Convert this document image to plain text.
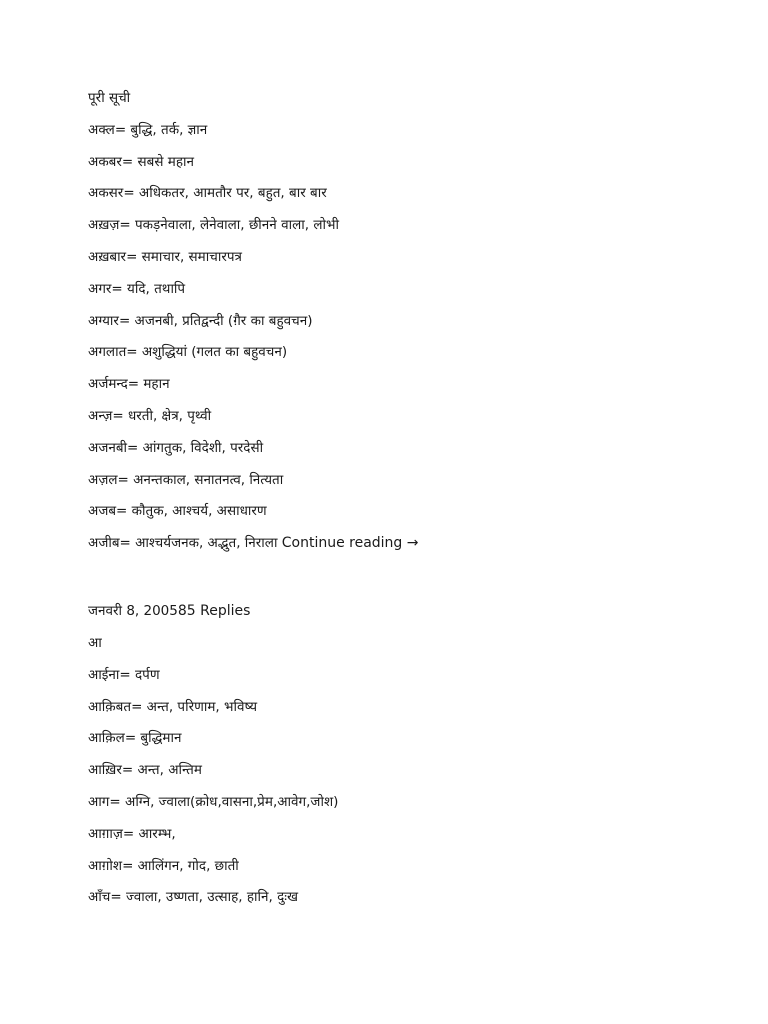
पूरी सूची
अक्ल= बुद्धि, तर्क, ज्ञान
अकबर= सबसे महान
अकसर= अधिकतर, आमतौर पर, बहुत, बार बार
अख़ज़= पकड़नेवाला, लेनेवाला, छीनने वाला, लोभी
अख़बार= समाचार, समाचारपत्र
अगर= यदि, तथापि
अग्यार= अजनबी, प्रतिद्वन्दी (ग़ैर का बहुवचन)
अगलात= अशुद्धियां (गलत का बहुवचन)
अर्जमन्द= महान
अन्ज़= धरती, क्षेत्र, पृथ्वी
अजनबी= आंगतुक, विदेशी, परदेसी
अज़ल= अनन्तकाल, सनातनत्व, नित्यता
अजब= कौतुक, आश्चर्य, असाधारण
अजीब= आश्चर्यजनक, अद्भुत, निराला Continue reading →
जनवरी 8, 200585 Replies
आ
आईना= दर्पण
आक़िबत= अन्त, परिणाम, भविष्य
आक़िल= बुद्धिमान
आख़िर= अन्त, अन्तिम
आग= अग्नि, ज्वाला(क्रोध,वासना,प्रेम,आवेग,जोश)
आग़ाज़= आरम्भ,
आग़ोश= आलिंगन, गोद, छाती
आँच= ज्वाला, उष्णता, उत्साह, हानि, दुःख
